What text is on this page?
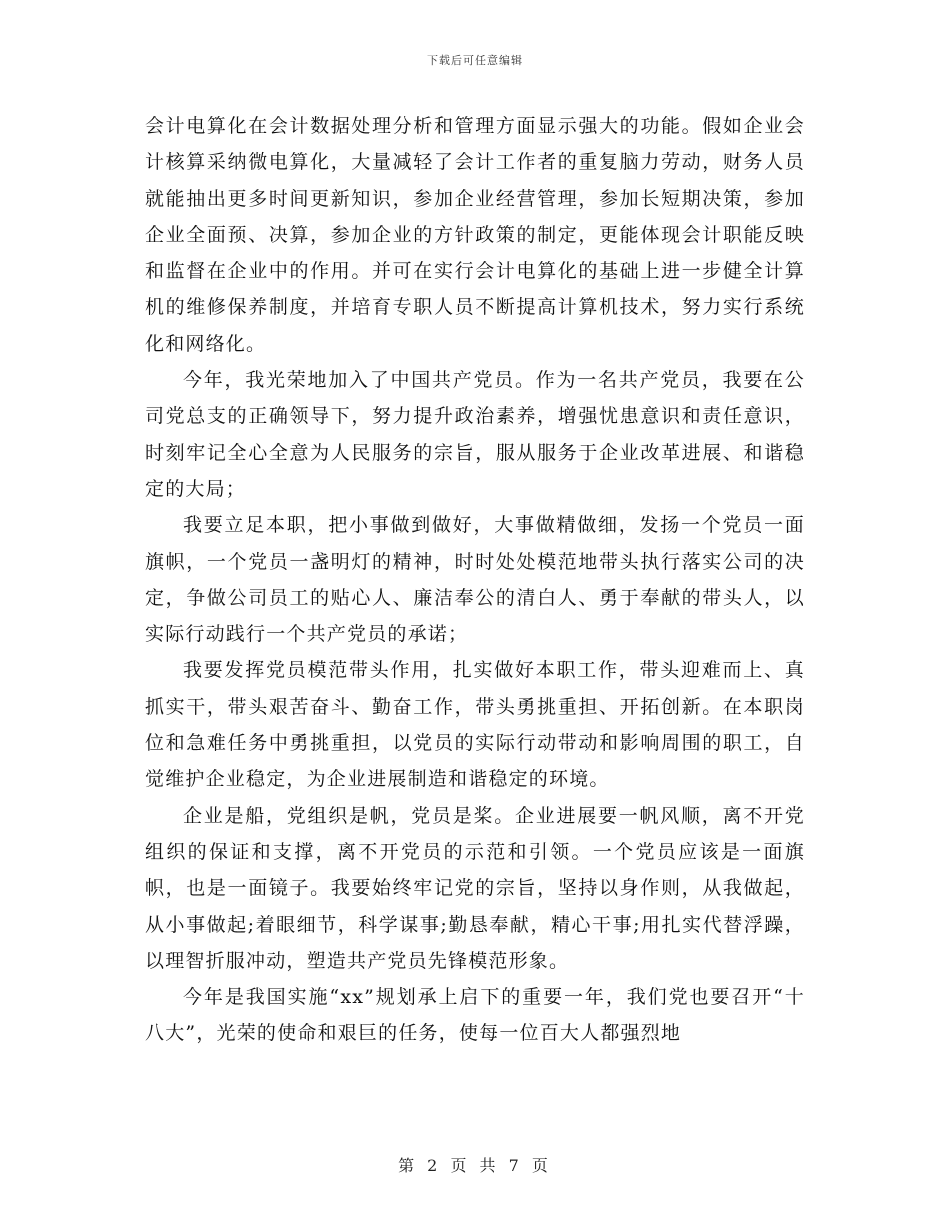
下载后可任意编辑

会计电算化在会计数据处理分析和管理方面显示强大的功能。假如企业会计核算采纳微电算化，大量减轻了会计工作者的重复脑力劳动，财务人员就能抽出更多时间更新知识，参加企业经营管理，参加长短期决策，参加企业全面预、决算，参加企业的方针政策的制定，更能体现会计职能反映和监督在企业中的作用。并可在实行会计电算化的基础上进一步健全计算机的维修保养制度，并培育专职人员不断提高计算机技术，努力实行系统化和网络化。

今年，我光荣地加入了中国共产党员。作为一名共产党员，我要在公司党总支的正确领导下，努力提升政治素养，增强忧患意识和责任意识，时刻牢记全心全意为人民服务的宗旨，服从服务于企业改革进展、和谐稳定的大局；

我要立足本职，把小事做到做好，大事做精做细，发扬一个党员一面旗帜，一个党员一盏明灯的精神，时时处处模范地带头执行落实公司的决定，争做公司员工的贴心人、廉洁奉公的清白人、勇于奉献的带头人，以实际行动践行一个共产党员的承诺；

我要发挥党员模范带头作用，扎实做好本职工作，带头迎难而上、真抓实干，带头艰苦奋斗、勤奋工作，带头勇挑重担、开拓创新。在本职岗位和急难任务中勇挑重担，以党员的实际行动带动和影响周围的职工，自觉维护企业稳定，为企业进展制造和谐稳定的环境。

企业是船，党组织是帆，党员是桨。企业进展要一帆风顺，离不开党组织的保证和支撑，离不开党员的示范和引领。一个党员应该是一面旗帜，也是一面镜子。我要始终牢记党的宗旨，坚持以身作则，从我做起，从小事做起;着眼细节，科学谋事;勤恳奉献，精心干事;用扎实代替浮躁，以理智折服冲动，塑造共产党员先锋模范形象。

今年是我国实施“xx”规划承上启下的重要一年，我们党也要召开“十八大”，光荣的使命和艰巨的任务，使每一位百大人都强烈地

第 2 页 共 7 页
